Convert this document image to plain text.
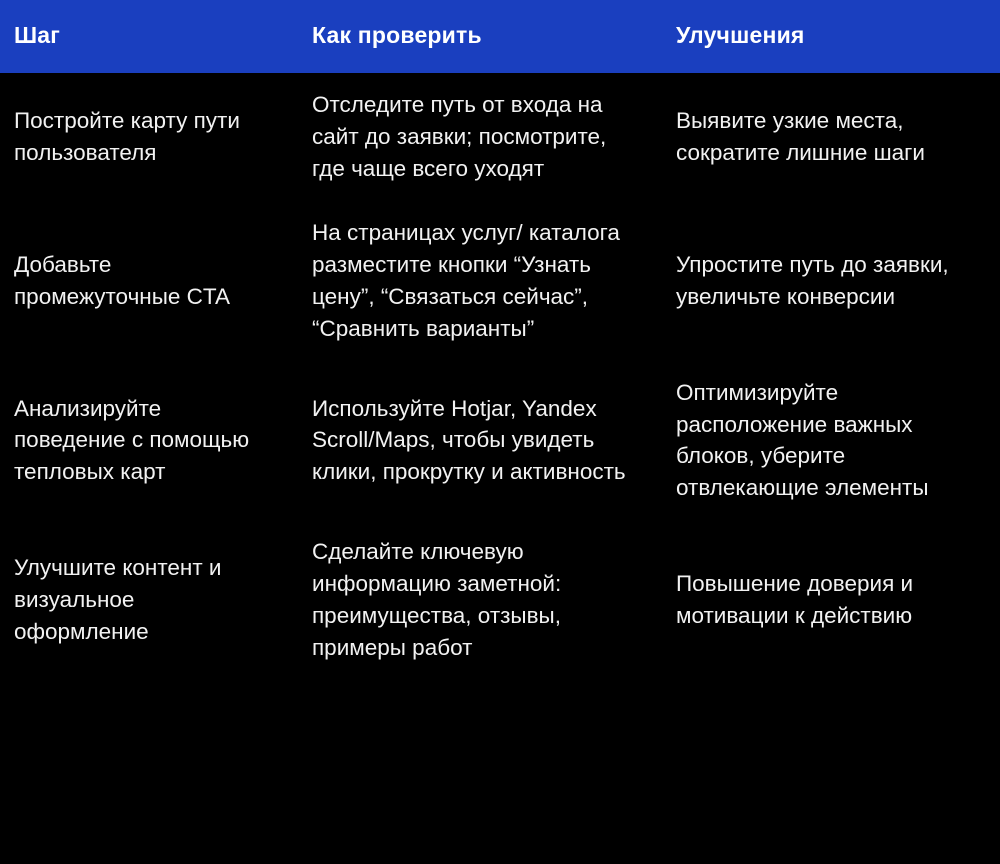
Шаг	Как проверить	Улучшения
Постройте карту пути пользователя	Отследите путь от входа на сайт до заявки; посмотрите, где чаще всего уходят	Выявите узкие места, сократите лишние шаги
Добавьте промежуточные CTA	На страницах услуг/ каталога разместите кнопки “Узнать цену”, “Связаться сейчас”, “Сравнить варианты”	Упростите путь до заявки, увеличьте конверсии
Анализируйте поведение с помощью тепловых карт	Используйте Hotjar, Yandex Scroll/Maps, чтобы увидеть клики, прокрутку и активность	Оптимизируйте расположение важных блоков, уберите отвлекающие элементы
Улучшите контент и визуальное оформление	Сделайте ключевую информацию заметной: преимущества, отзывы, примеры работ	Повышение доверия и мотивации к действию
